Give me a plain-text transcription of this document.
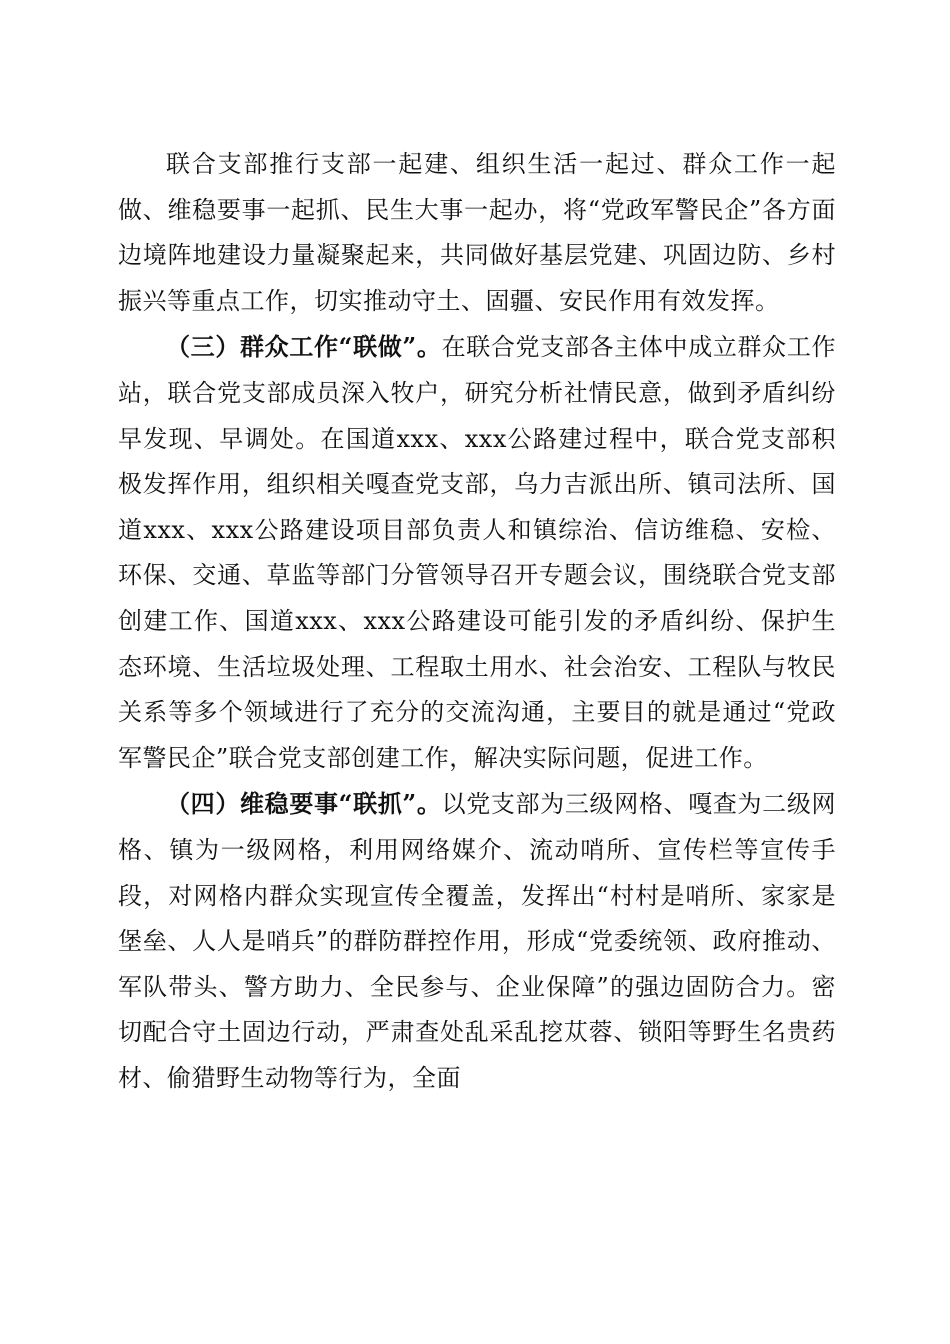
联合支部推行支部一起建、组织生活一起过、群众工作一起做、维稳要事一起抓、民生大事一起办，将“党政军警民企”各方面边境阵地建设力量凝聚起来，共同做好基层党建、巩固边防、乡村振兴等重点工作，切实推动守土、固疆、安民作用有效发挥。

（三）群众工作“联做”。在联合党支部各主体中成立群众工作站，联合党支部成员深入牧户，研究分析社情民意，做到矛盾纠纷早发现、早调处。在国道xxx、xxx公路建过程中，联合党支部积极发挥作用，组织相关嘎查党支部，乌力吉派出所、镇司法所、国道xxx、xxx公路建设项目部负责人和镇综治、信访维稳、安检、环保、交通、草监等部门分管领导召开专题会议，围绕联合党支部创建工作、国道xxx、xxx公路建设可能引发的矛盾纠纷、保护生态环境、生活垃圾处理、工程取土用水、社会治安、工程队与牧民关系等多个领域进行了充分的交流沟通，主要目的就是通过“党政军警民企”联合党支部创建工作，解决实际问题，促进工作。

（四）维稳要事“联抓”。以党支部为三级网格、嘎查为二级网格、镇为一级网格，利用网络媒介、流动哨所、宣传栏等宣传手段，对网格内群众实现宣传全覆盖，发挥出“村村是哨所、家家是堡垒、人人是哨兵”的群防群控作用，形成“党委统领、政府推动、军队带头、警方助力、全民参与、企业保障”的强边固防合力。密切配合守土固边行动，严肃查处乱采乱挖苁蓉、锁阳等野生名贵药材、偷猎野生动物等行为，全面
